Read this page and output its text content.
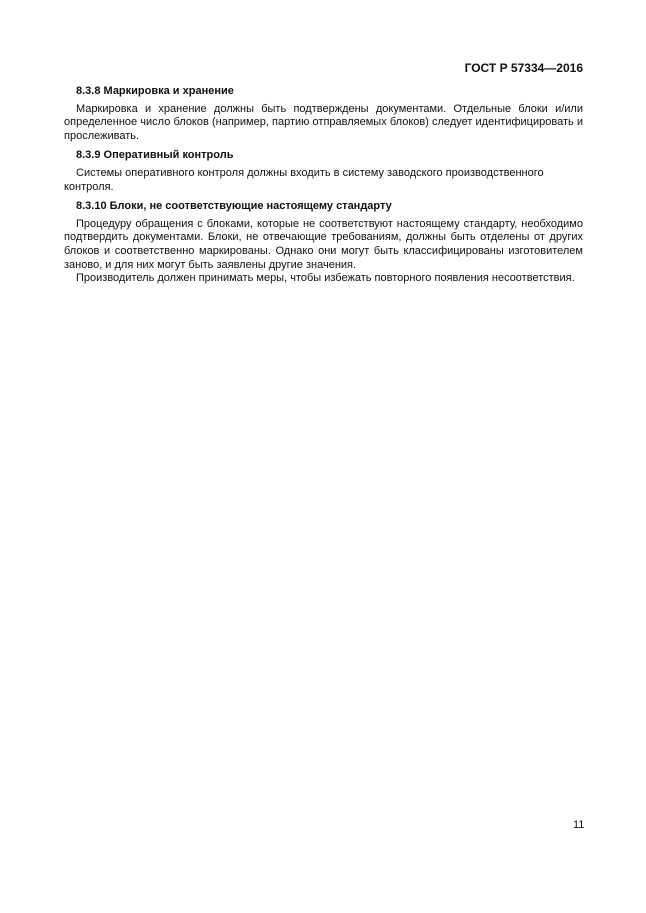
ГОСТ Р 57334—2016

8.3.8 Маркировка и хранение

Маркировка и хранение должны быть подтверждены документами. Отдельные блоки и/или определенное число блоков (например, партию отправляемых блоков) следует идентифицировать и прослеживать.

8.3.9 Оперативный контроль

Системы оперативного контроля должны входить в систему заводского производственного контроля.

8.3.10 Блоки, не соответствующие настоящему стандарту

Процедуру обращения с блоками, которые не соответствуют настоящему стандарту, необходимо подтвердить документами. Блоки, не отвечающие требованиям, должны быть отделены от других блоков и соответственно маркированы. Однако они могут быть классифицированы изготовителем заново, и для них могут быть заявлены другие значения.

Производитель должен принимать меры, чтобы избежать повторного появления несоответствия.

11
